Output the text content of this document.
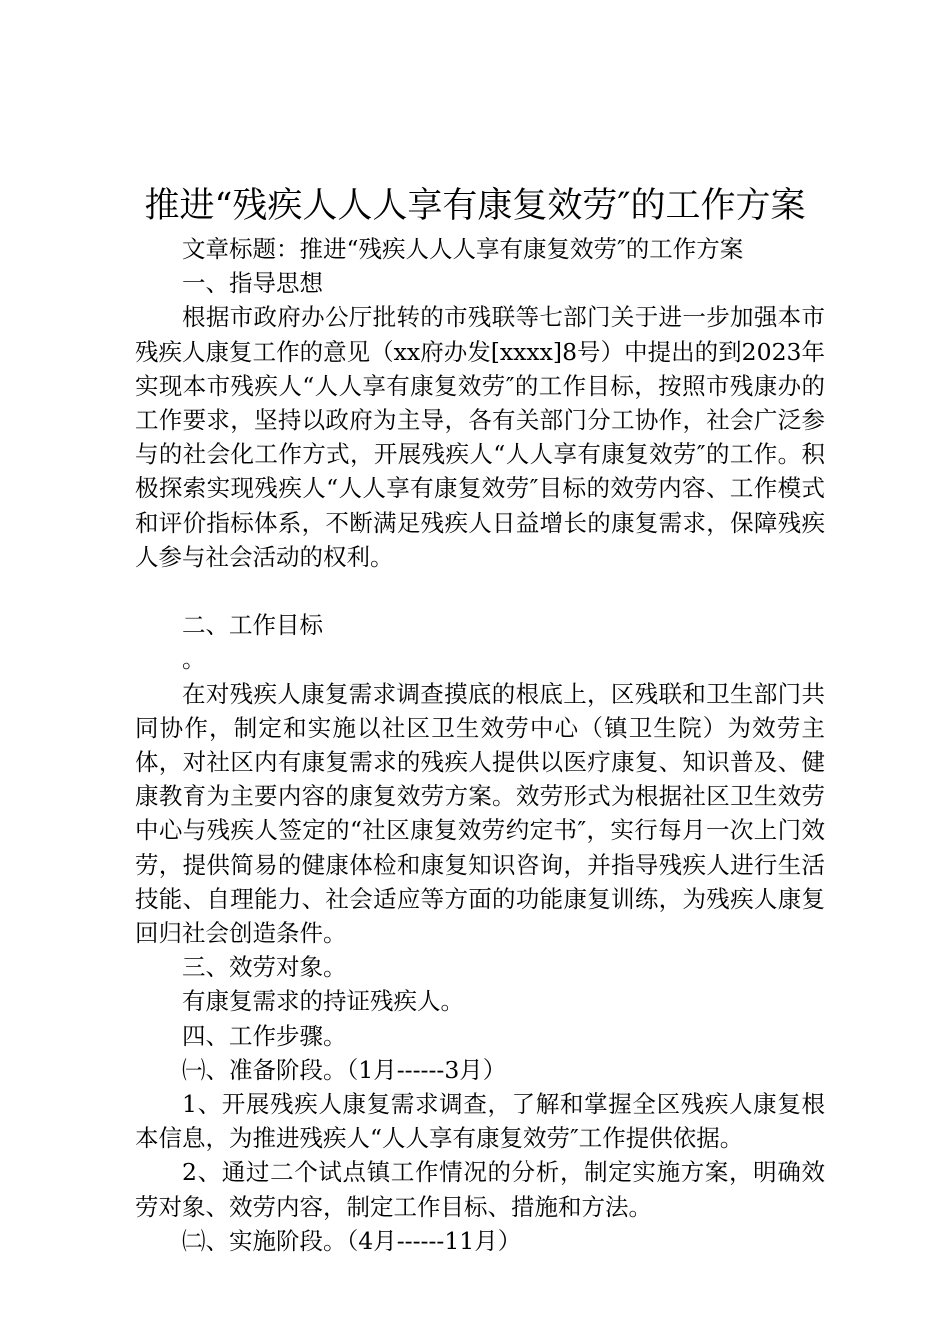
推进“残疾人人人享有康复效劳″的工作方案

文章标题：推进“残疾人人人享有康复效劳″的工作方案

一、指导思想

根据市政府办公厅批转的市残联等七部门关于进一步加强本市残疾人康复工作的意见（xx府办发[xxxx]8号）中提出的到2023年实现本市残疾人“人人享有康复效劳″的工作目标，按照市残康办的工作要求，坚持以政府为主导，各有关部门分工协作，社会广泛参与的社会化工作方式，开展残疾人“人人享有康复效劳″的工作。积极探索实现残疾人“人人享有康复效劳″目标的效劳内容、工作模式和评价指标体系，不断满足残疾人日益增长的康复需求，保障残疾人参与社会活动的权利。

二、工作目标

。

在对残疾人康复需求调查摸底的根底上，区残联和卫生部门共同协作，制定和实施以社区卫生效劳中心（镇卫生院）为效劳主体，对社区内有康复需求的残疾人提供以医疗康复、知识普及、健康教育为主要内容的康复效劳方案。效劳形式为根据社区卫生效劳中心与残疾人签定的“社区康复效劳约定书″，实行每月一次上门效劳，提供简易的健康体检和康复知识咨询，并指导残疾人进行生活技能、自理能力、社会适应等方面的功能康复训练，为残疾人康复回归社会创造条件。

三、效劳对象。

有康复需求的持证残疾人。

四、工作步骤。

㈠、准备阶段。（1月------3月）

1、开展残疾人康复需求调查，了解和掌握全区残疾人康复根本信息，为推进残疾人“人人享有康复效劳″工作提供依据。

2、通过二个试点镇工作情况的分析，制定实施方案，明确效劳对象、效劳内容，制定工作目标、措施和方法。

㈡、实施阶段。（4月------11月）
